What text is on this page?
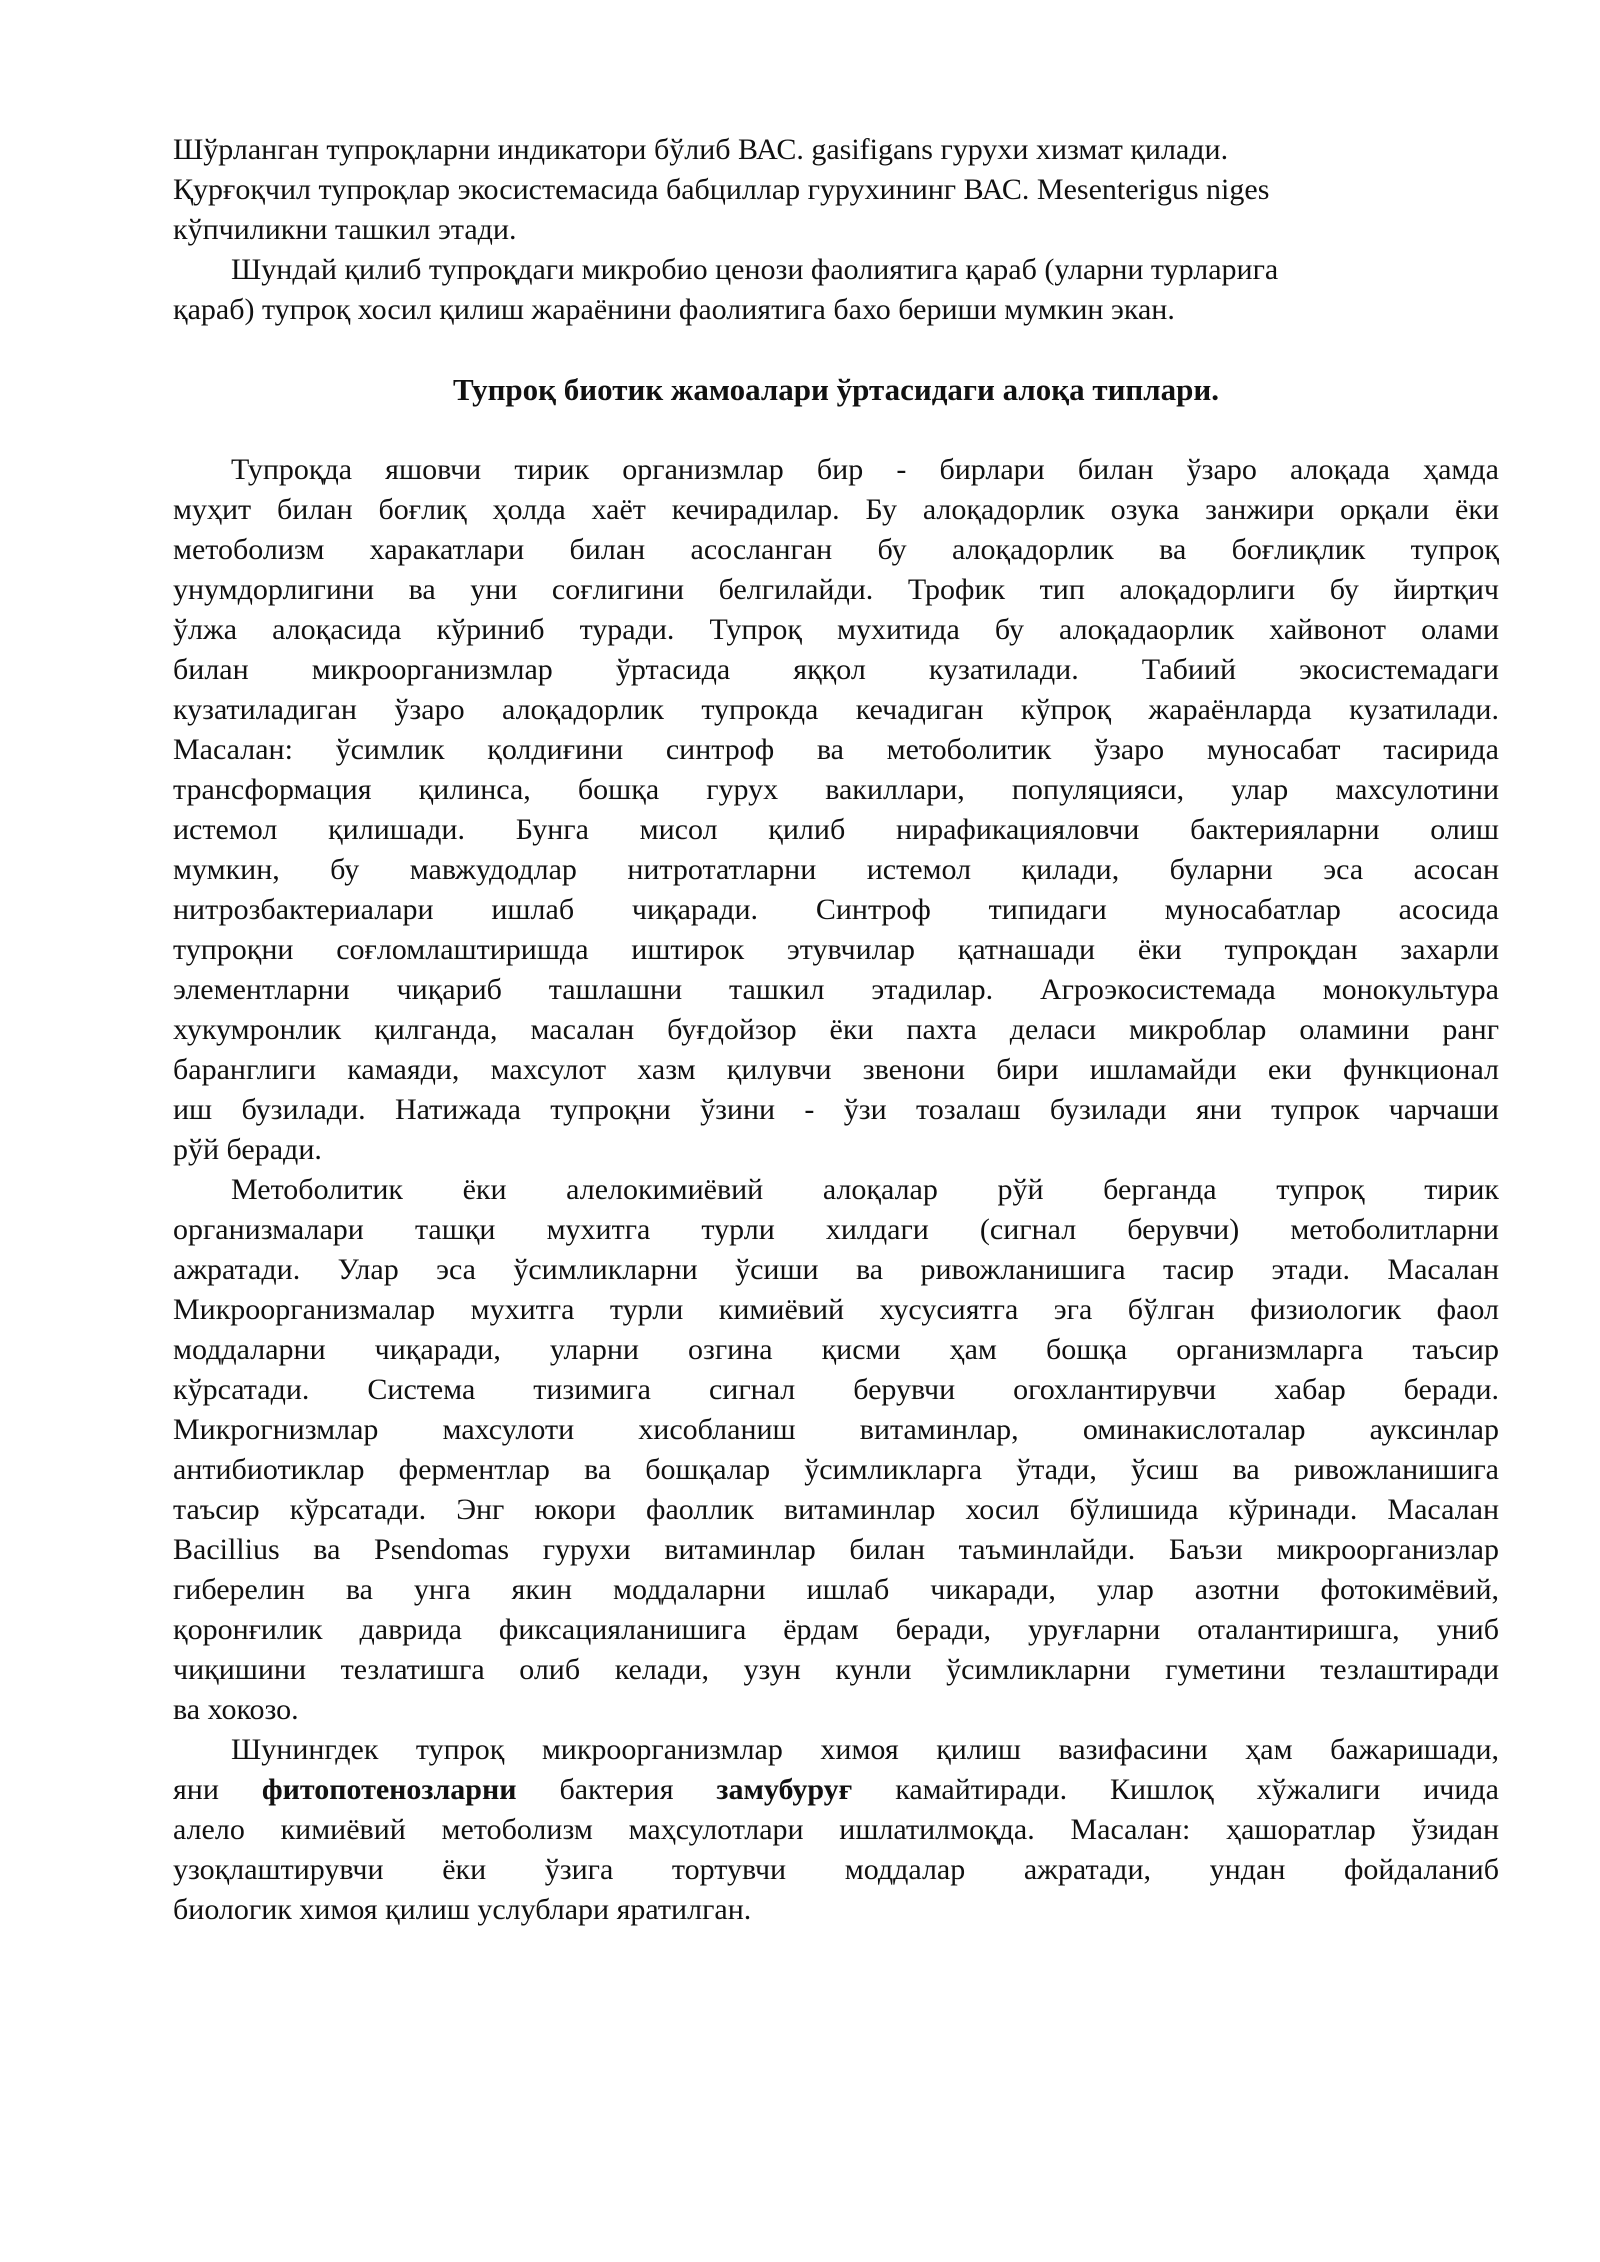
Шўрланган тупроқларни индикатори бўлиб ВАС. gasifigans гурухи хизмат қилади.
Қурғоқчил тупроқлар экосистемасида бабциллар гурухининг ВАС. Mesenterigus niges
кўпчиликни ташкил этади.
Шундай қилиб тупроқдаги микробио ценози фаолиятига қараб (уларни турларига
қараб) тупроқ хосил қилиш жараёнини фаолиятига бахо бериши мумкин экан.
Тупроқ биотик жамоалари ўртасидаги алоқа типлари.
Тупроқда яшовчи тирик организмлар бир - бирлари билан ўзаро алоқада ҳамда
муҳит билан боғлиқ ҳолда хаёт кечирадилар. Бу алоқадорлик озука занжири орқали ёки
метоболизм харакатлари билан асосланган бу алоқадорлик ва боғлиқлик тупроқ
унумдорлигини ва уни соғлигини белгилайди. Трофик тип алоқадорлиги бу йиртқич
ўлжа алоқасида кўриниб туради. Тупроқ мухитида бу алоқадаорлик хайвонот олами
билан микроорганизмлар ўртасида яққол кузатилади. Табиий экосистемадаги
кузатиладиган ўзаро алоқадорлик тупрокда кечадиган кўпроқ жараёнларда кузатилади.
Масалан: ўсимлик қолдиғини синтроф ва метоболитик ўзаро муносабат тасирида
трансформация қилинса, бошқа гурух вакиллари, популяцияси, улар махсулотини
истемол қилишади. Бунга мисол қилиб нирафикацияловчи бактерияларни олиш
мумкин, бу мавжудодлар нитротатларни истемол қилади, буларни эса асосан
нитрозбактериалари ишлаб чиқаради. Синтроф типидаги муносабатлар асосида
тупроқни соғломлаштиришда иштирок этувчилар қатнашади ёки тупроқдан захарли
элементларни чиқариб ташлашни ташкил этадилар. Агроэкосистемада монокультура
хукумронлик қилганда, масалан буғдойзор ёки пахта деласи микроблар оламини ранг
баранглиги камаяди, махсулот хазм қилувчи звенони бири ишламайди еки функционал
иш бузилади. Натижада тупроқни ўзини - ўзи тозалаш бузилади яни тупрок чарчаши
рўй беради.
Метоболитик ёки алелокимиёвий алоқалар рўй берганда тупроқ тирик
организмалари ташқи мухитга турли хилдаги (сигнал берувчи) метоболитларни
ажратади. Улар эса ўсимликларни ўсиши ва ривожланишига тасир этади. Масалан
Микроорганизмалар мухитга турли кимиёвий хусусиятга эга бўлган физиологик фаол
моддаларни чиқаради, уларни озгина қисми ҳам бошқа организмларга таъсир
кўрсатади. Система тизимига сигнал берувчи огохлантирувчи хабар беради.
Микрогнизмлар махсулоти хисобланиш витаминлар, оминакислоталар ауксинлар
антибиотиклар ферментлар ва бошқалар ўсимликларга ўтади, ўсиш ва ривожланишига
таъсир кўрсатади. Энг юкори фаоллик витаминлар хосил бўлишида кўринади. Масалан
Bacillius ва Psendomas гурухи витаминлар билан таъминлайди. Баъзи микроорганизлар
гиберелин ва унга якин моддаларни ишлаб чикаради, улар азотни фотокимёвий,
қоронғилик даврида фиксацияланишига ёрдам беради, уруғларни оталантиришга, униб
чиқишини тезлатишга олиб келади, узун кунли ўсимликларни гуметини тезлаштиради
ва хокозо.
Шунингдек тупроқ микроорганизмлар химоя қилиш вазифасини ҳам бажаришади,
яни фитопотенозларни бактерия замубуруғ камайтиради. Кишлоқ хўжалиги ичида
алело кимиёвий метоболизм маҳсулотлари ишлатилмоқда. Масалан: ҳашоратлар ўзидан
узоқлаштирувчи ёки ўзига тортувчи моддалар ажратади, ундан фойдаланиб
биологик химоя қилиш услублари яратилган.
